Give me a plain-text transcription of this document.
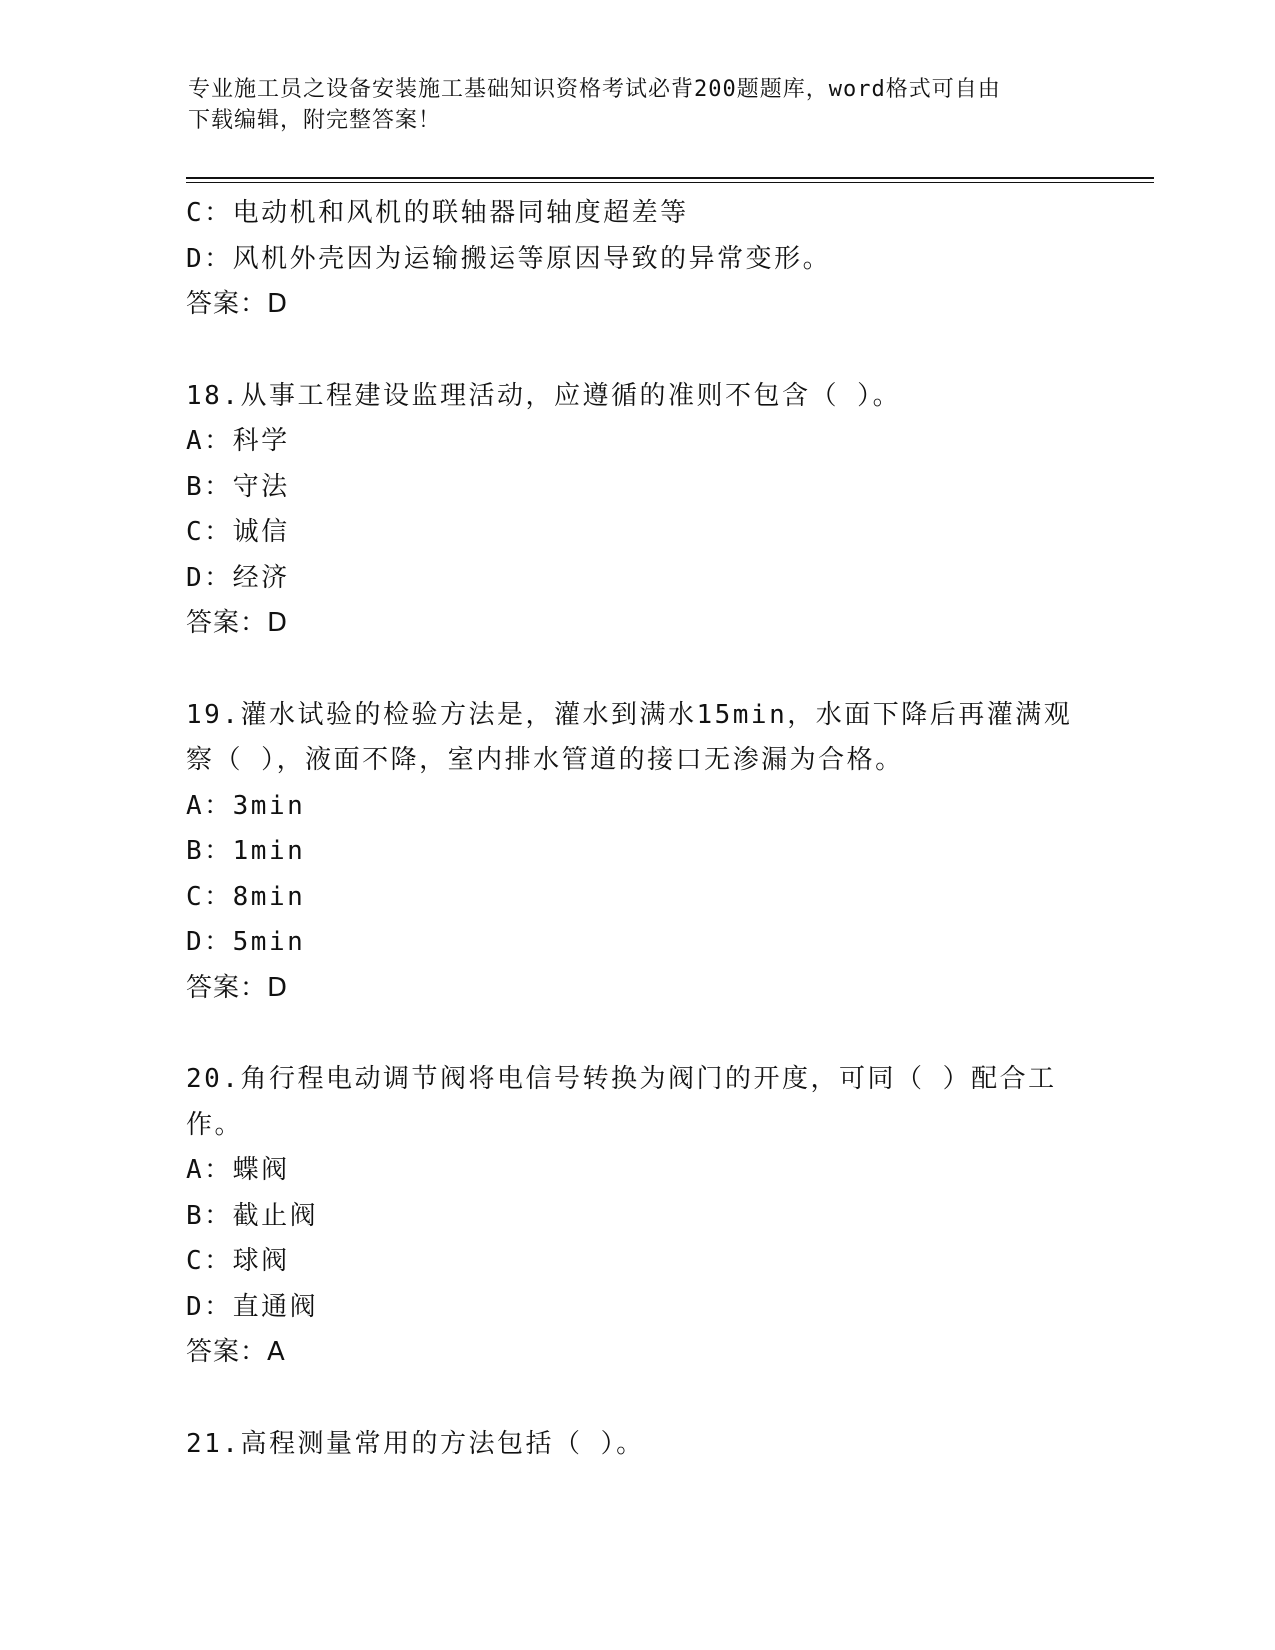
专业施工员之设备安装施工基础知识资格考试必背200题题库，word格式可自由
下载编辑，附完整答案！
C：电动机和风机的联轴器同轴度超差等
D：风机外壳因为运输搬运等原因导致的异常变形。
答案：D
18.从事工程建设监理活动，应遵循的准则不包含（ ）。
A：科学
B：守法
C：诚信
D：经济
答案：D
19.灌水试验的检验方法是，灌水到满水15min，水面下降后再灌满观
察（ ），液面不降，室内排水管道的接口无渗漏为合格。
A：3min
B：1min
C：8min
D：5min
答案：D
20.角行程电动调节阀将电信号转换为阀门的开度，可同（ ）配合工
作。
A：蝶阀
B：截止阀
C：球阀
D：直通阀
答案：A
21.高程测量常用的方法包括（ ）。
